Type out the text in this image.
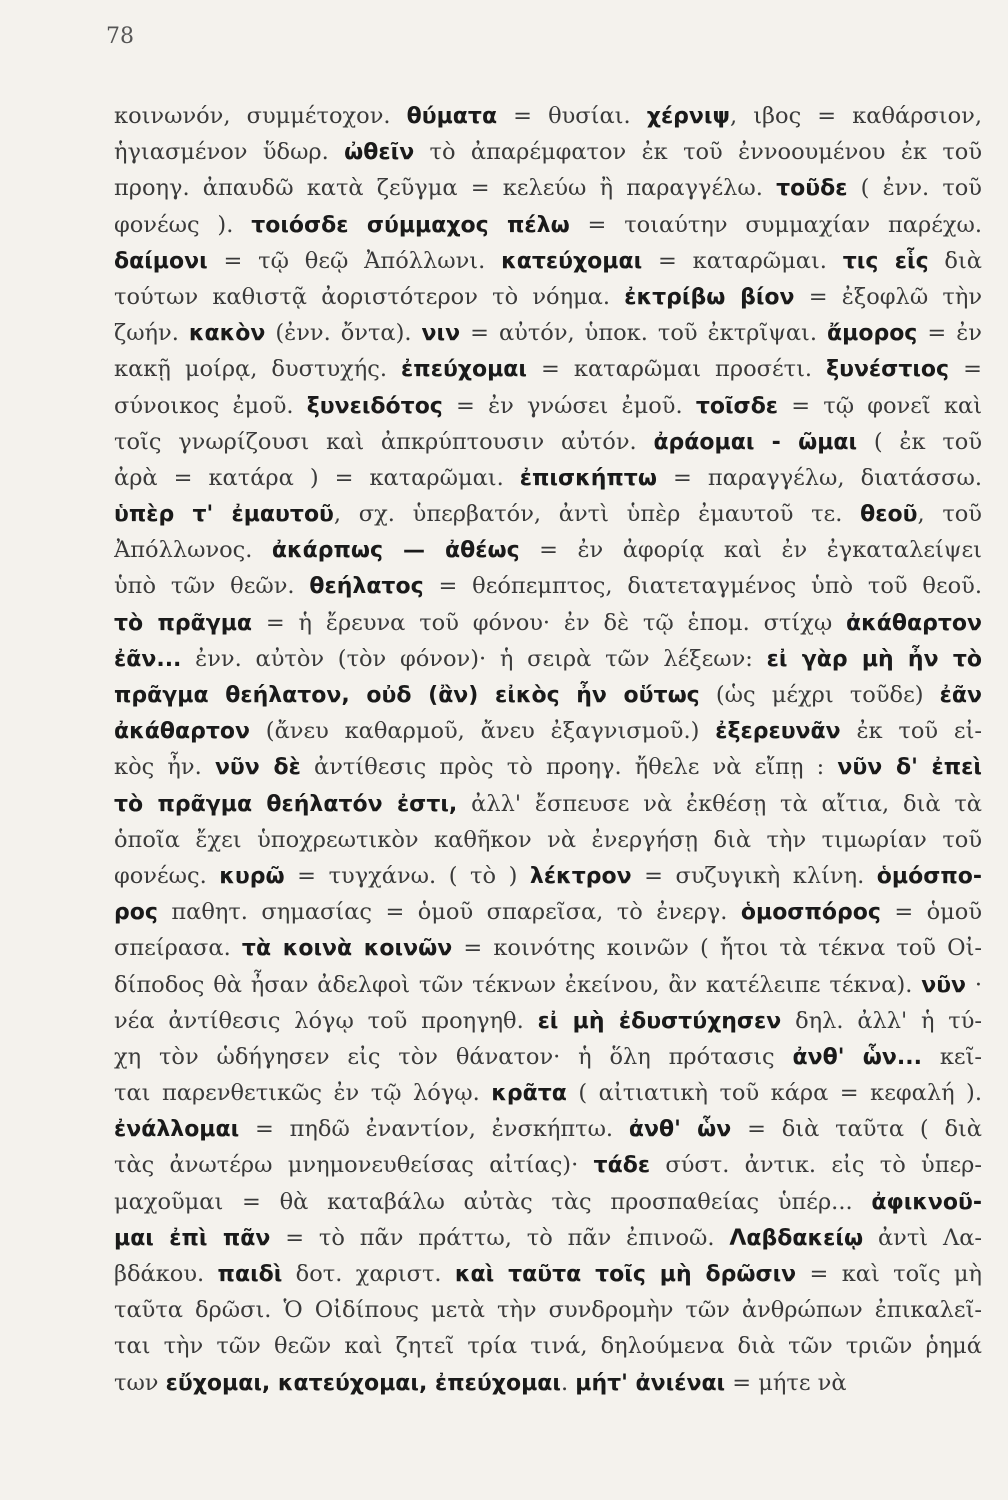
78
κοινωνόν, συμμέτοχον. θύματα = θυσίαι. χέρνιψ, ιβος = καθάρσιον,
ἡγιασμένον ὕδωρ. ὠθεῖν τὸ ἀπαρέμφατον ἐκ τοῦ ἐννοουμένου ἐκ τοῦ
προηγ. ἀπαυδῶ κατὰ ζεῦγμα = κελεύω ἢ παραγγέλω. τοῦδε ( ἐνν. τοῦ
φονέως ). τοιόσδε σύμμαχος πέλω = τοιαύτην συμμαχίαν παρέχω.
δαίμονι = τῷ θεῷ Ἀπόλλωνι. κατεύχομαι = καταρῶμαι. τις εἷς διὰ
τούτων καθιστᾷ ἀοριστότερον τὸ νόημα. ἐκτρίβω βίον = ἐξοφλῶ τὴν
ζωήν. κακὸν (ἐνν. ὄντα). νιν = αὐτόν, ὑποκ. τοῦ ἐκτρῖψαι. ἄμορος = ἐν
κακῇ μοίρᾳ, δυστυχής. ἐπεύχομαι = καταρῶμαι προσέτι. ξυνέστιος =
σύνοικος ἐμοῦ. ξυνειδότος = ἐν γνώσει ἐμοῦ. τοῖσδε = τῷ φονεῖ καὶ
τοῖς γνωρίζουσι καὶ ἀπκρύπτουσιν αὐτόν. ἀράομαι - ῶμαι ( ἐκ τοῦ
ἀρὰ = κατάρα ) = καταρῶμαι. ἐπισκήπτω = παραγγέλω, διατάσσω.
ὑπὲρ τ' ἐμαυτοῦ, σχ. ὑπερβατόν, ἀντὶ ὑπὲρ ἐμαυτοῦ τε. θεοῦ, τοῦ
Ἀπόλλωνος. ἀκάρπως — ἀθέως = ἐν ἀφορίᾳ καὶ ἐν ἐγκαταλείψει
ὑπὸ τῶν θεῶν. θεήλατος = θεόπεμπτος, διατεταγμένος ὑπὸ τοῦ θεοῦ.
τὸ πρᾶγμα = ἡ ἔρευνα τοῦ φόνου· ἐν δὲ τῷ ἑπομ. στίχῳ ἀκάθαρτον
ἐᾶν... ἐνν. αὐτὸν (τὸν φόνον)· ἡ σειρὰ τῶν λέξεων: εἰ γὰρ μὴ ἦν τὸ
πρᾶγμα θεήλατον, οὐδ (ἂν) εἰκὸς ἦν οὕτως (ὡς μέχρι τοῦδε) ἐᾶν
ἀκάθαρτον (ἄνευ καθαρμοῦ, ἄνευ ἐξαγνισμοῦ.) ἐξερευνᾶν ἐκ τοῦ εἰ-
κὸς ἦν. νῦν δὲ ἀντίθεσις πρὸς τὸ προηγ. ἤθελε νὰ εἴπῃ : νῦν δ' ἐπεὶ
τὸ πρᾶγμα θεήλατόν ἐστι, ἀλλ' ἔσπευσε νὰ ἐκθέσῃ τὰ αἴτια, διὰ τὰ
ὁποῖα ἔχει ὑποχρεωτικὸν καθῆκον νὰ ἐνεργήσῃ διὰ τὴν τιμωρίαν τοῦ
φονέως. κυρῶ = τυγχάνω. ( τὸ ) λέκτρον = συζυγικὴ κλίνη. ὁμόσπο-
ρος παθητ. σημασίας = ὁμοῦ σπαρεῖσα, τὸ ἐνεργ. ὁμοσπόρος = ὁμοῦ
σπείρασα. τὰ κοινὰ κοινῶν = κοινότης κοινῶν ( ἤτοι τὰ τέκνα τοῦ Οἰ-
δίποδος θὰ ἦσαν ἀδελφοὶ τῶν τέκνων ἐκείνου, ἂν κατέλειπε τέκνα). νῦν ·
νέα ἀντίθεσις λόγῳ τοῦ προηγηθ. εἰ μὴ ἐδυστύχησεν δηλ. ἀλλ' ἡ τύ-
χη τὸν ὡδήγησεν εἰς τὸν θάνατον· ἡ ὅλη πρότασις ἀνθ' ὧν... κεῖ-
ται παρενθετικῶς ἐν τῷ λόγῳ. κρᾶτα ( αἰτιατικὴ τοῦ κάρα = κεφαλή ).
ἐνάλλομαι = πηδῶ ἐναντίον, ἐνσκήπτω. ἀνθ' ὧν = διὰ ταῦτα ( διὰ
τὰς ἀνωτέρω μνημονευθείσας αἰτίας)· τάδε σύστ. ἀντικ. εἰς τὸ ὑπερ-
μαχοῦμαι = θὰ καταβάλω αὐτὰς τὰς προσπαθείας ὑπέρ... ἀφικνοῦ-
μαι ἐπὶ πᾶν = τὸ πᾶν πράττω, τὸ πᾶν ἐπινοῶ. Λαβδακείῳ ἀντὶ Λα-
βδάκου. παιδὶ δοτ. χαριστ. καὶ ταῦτα τοῖς μὴ δρῶσιν = καὶ τοῖς μὴ
ταῦτα δρῶσι. Ὁ Οἰδίπους μετὰ τὴν συνδρομὴν τῶν ἀνθρώπων ἐπικαλεῖ-
ται τὴν τῶν θεῶν καὶ ζητεῖ τρία τινά, δηλούμενα διὰ τῶν τριῶν ῥημά
των εὔχομαι, κατεύχομαι, ἐπεύχομαι. μήτ' ἀνιέναι = μήτε νὰ
